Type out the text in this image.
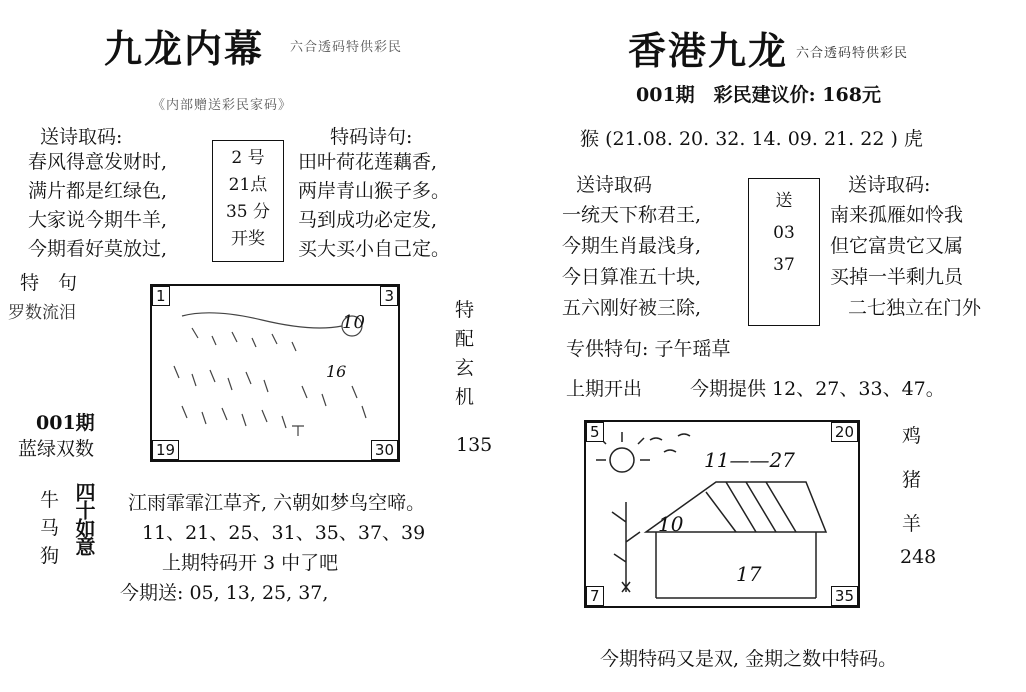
九龙内幕 六合透码特供彩民
《内部赠送彩民家码》
送诗取码:	特码诗句:
春风得意发财时,
满片都是红绿色,
大家说今期牛羊,
今期看好莫放过,
2 号
21点
35 分
开奖
田叶荷花莲藕香,
两岸青山猴子多。
马到成功必定发,
买大买小自己定。
特　句
罗数流泪
1	3
19	30
10
16
特
配
玄
机
135
001期
蓝绿双数
牛
马
狗
四十如意 江雨霏霏江草齐, 六朝如梦鸟空啼。
11、21、25、31、35、37、39
上期特码开 3 中了吧
今期送: 05, 13, 25, 37,
香港九龙 六合透码特供彩民
001期　彩民建议价: 168元
猴 (21.08. 20. 32. 14. 09. 21. 22 ) 虎
送诗取码	送诗取码:
一统天下称君王,
今期生肖最浅身,
今日算准五十块,
五六刚好被三除,
送
03
37
南来孤雁如怜我
但它富贵它又属
买掉一半剩九员
二七独立在门外
专供特句: 子午瑶草
上期开出	今期提供 12、27、33、47。
5	20
7	35
11——27
10
17
鸡
猪
羊
248
今期特码又是双, 金期之数中特码。
